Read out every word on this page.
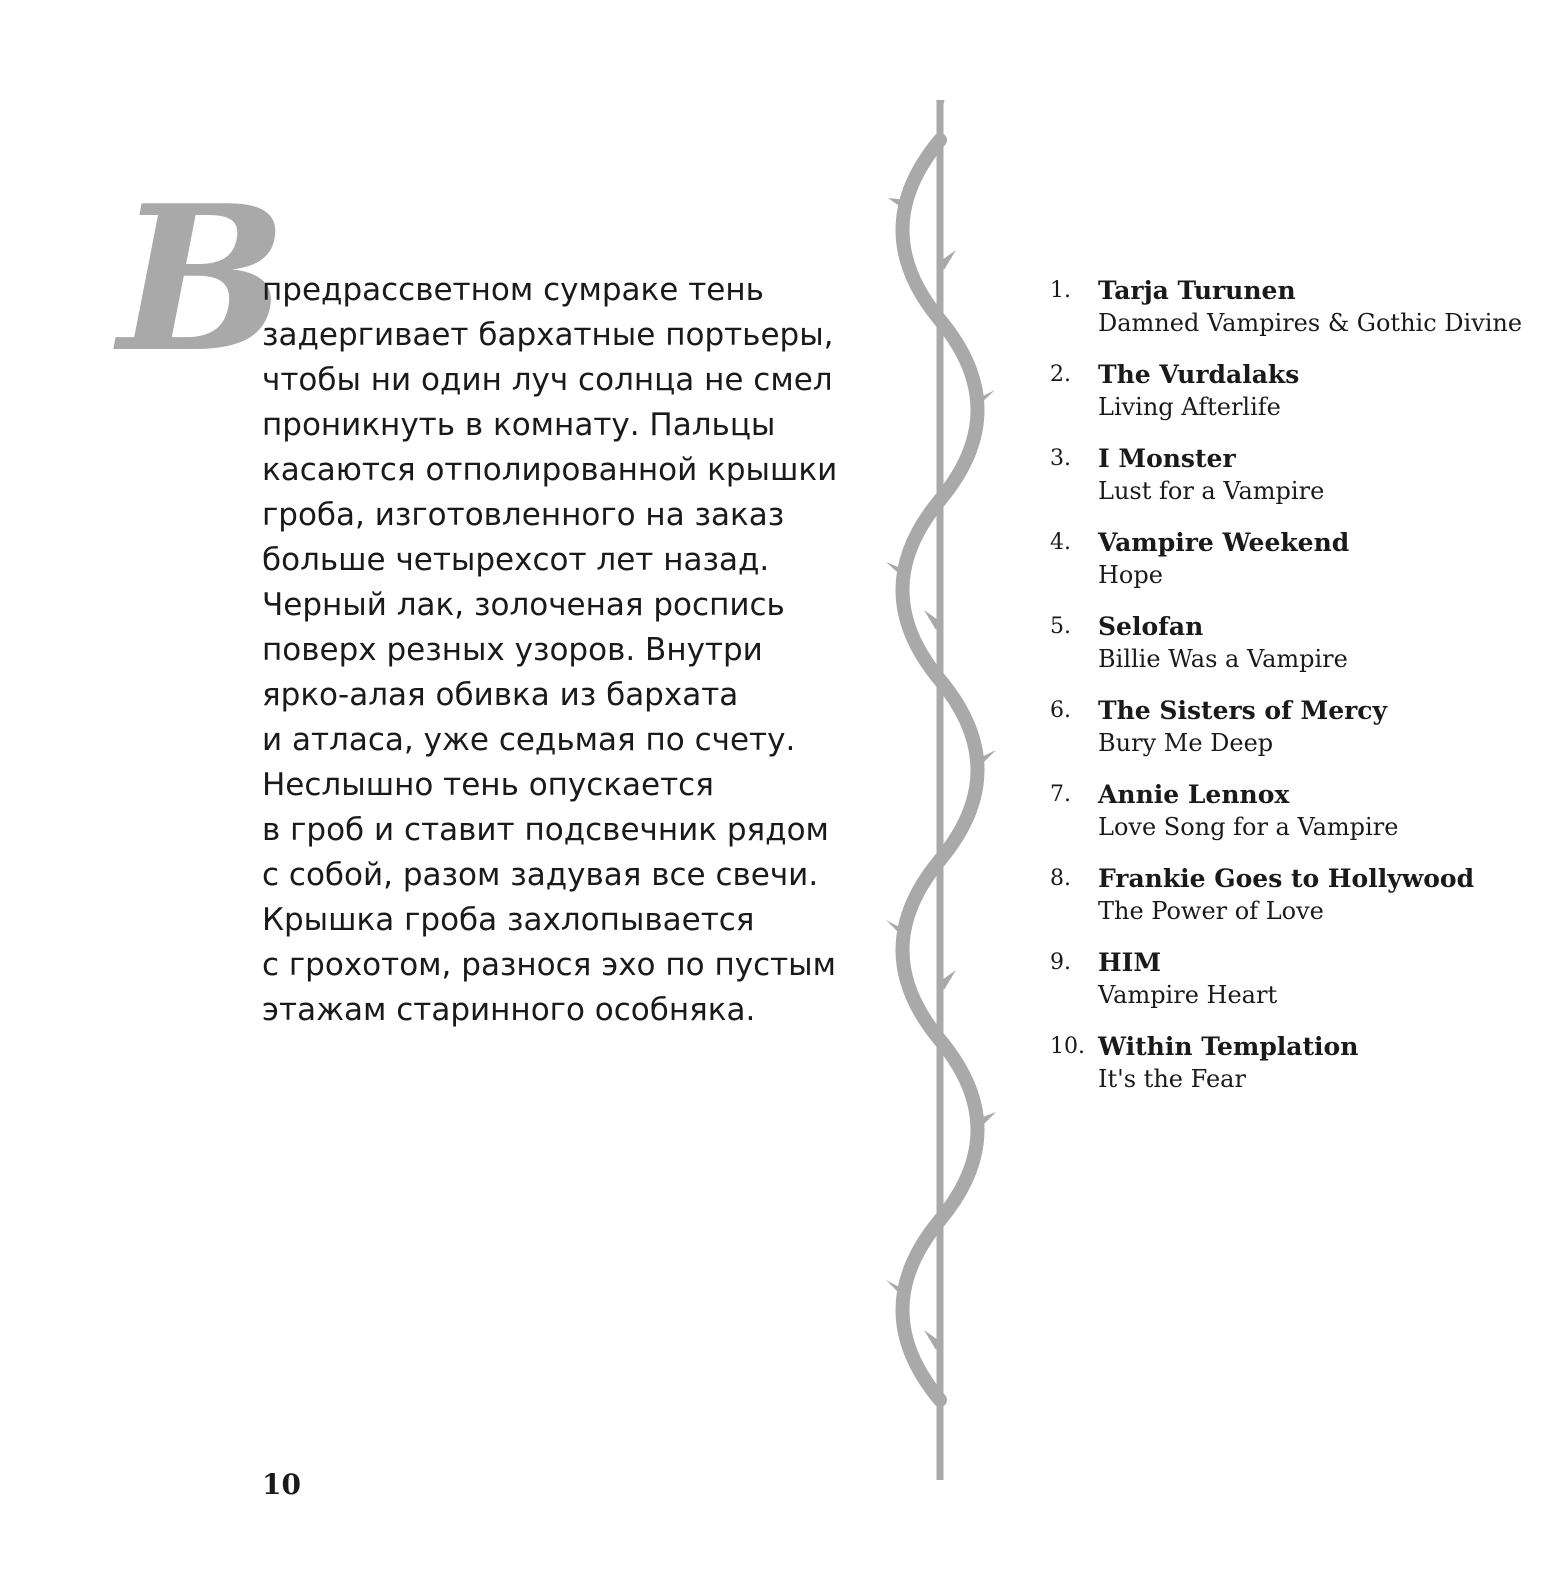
В
предрассветном сумраке тень
задергивает бархатные портьеры,
чтобы ни один луч солнца не смел
проникнуть в комнату. Пальцы
касаются отполированной крышки
гроба, изготовленного на заказ
больше четырехсот лет назад.
Черный лак, золоченая роспись
поверх резных узоров. Внутри
ярко-алая обивка из бархата
и атласа, уже седьмая по счету.
Неслышно тень опускается
в гроб и ставит подсвечник рядом
с собой, разом задувая все свечи.
Крышка гроба захлопывается
с грохотом, разнося эхо по пустым
этажам старинного особняка.
10
1. Tarja Turunen
Damned Vampires & Gothic Divine
2. The Vurdalaks
Living Afterlife
3. I Monster
Lust for a Vampire
4. Vampire Weekend
Hope
5. Selofan
Billie Was a Vampire
6. The Sisters of Mercy
Bury Me Deep
7. Annie Lennox
Love Song for a Vampire
8. Frankie Goes to Hollywood
The Power of Love
9. HIM
Vampire Heart
10. Within Templation
It's the Fear
